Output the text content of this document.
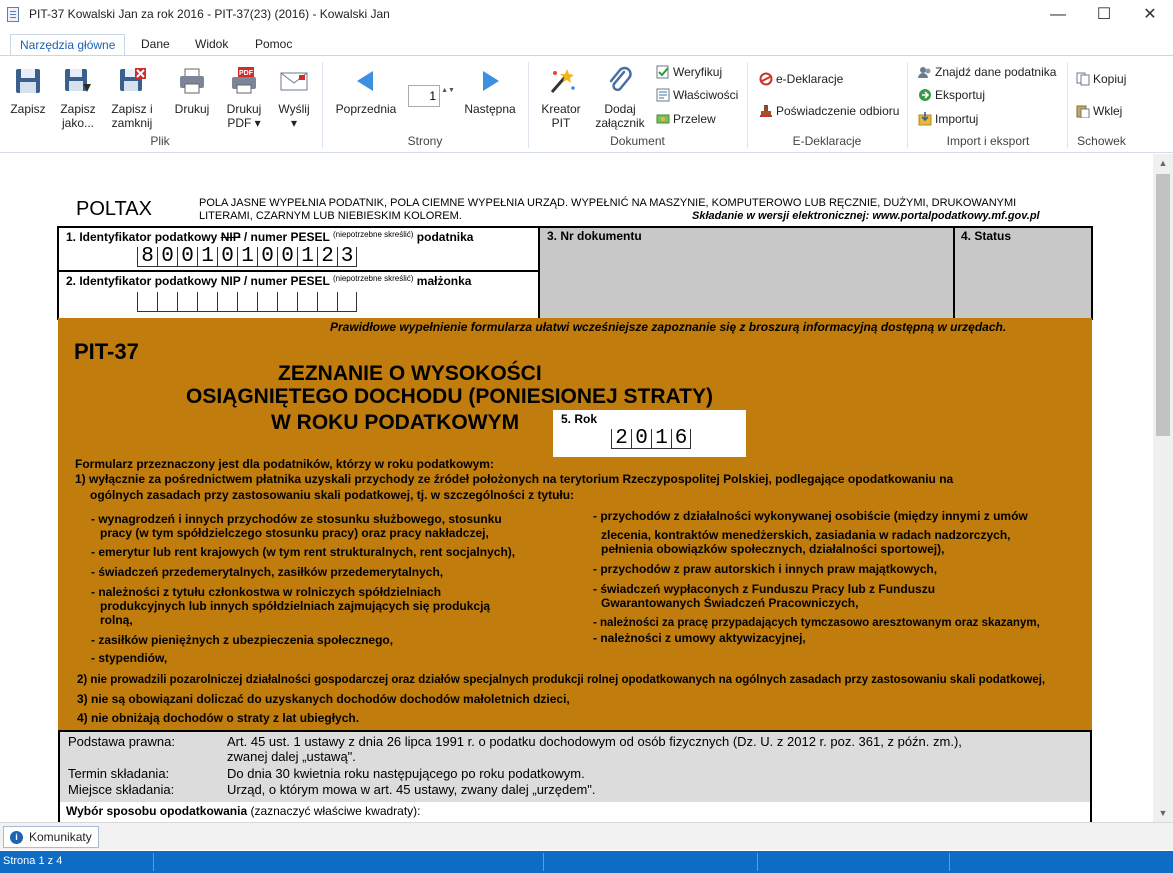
PIT-37 Kowalski Jan za rok 2016 - PIT-37(23) (2016) - Kowalski Jan	—	☐	✕
Narzędzia główne	Dane	Widok	Pomoc
Zapisz	Zapisz
jako...
Zapisz i
zamknij
Drukuj
PDF
Drukuj
PDF ▾
Wyślij
▾
Plik
Poprzednia
1 ▲▼
Następna
Strony
Kreator
PIT
Dodaj
załącznik
Weryfikuj
Właściwości
Przelew
Dokument
e-Deklaracje
Poświadczenie odbioru
E-Deklaracje
Znajdź dane podatnika
Eksportuj
Importuj
Import i eksport
Kopiuj
Wklej
Schowek
POLTAX	POLA JASNE WYPEŁNIA PODATNIK, POLA CIEMNE WYPEŁNIA URZĄD. WYPEŁNIĆ NA MASZYNIE, KOMPUTEROWO LUB RĘCZNIE, DUŻYMI, DRUKOWANYMI
LITERAMI, CZARNYM LUB NIEBIESKIM KOLOREM.	Składanie w wersji elektronicznej: www.portalpodatkowy.mf.gov.pl
1. Identyfikator podatkowy NIP / numer PESEL $^{(niepotrzebne skreślić)}$ podatnika
8 0 0 1 0 1 0 0 1 2 3
2. Identyfikator podatkowy NIP / numer PESEL $^{(niepotrzebne skreślić)}$ małżonka
3. Nr dokumentu	4. Status
Prawidłowe wypełnienie formularza ułatwi wcześniejsze zapoznanie się z broszurą informacyjną dostępną w urzędach.
PIT-37
ZEZNANIE O WYSOKOŚCI
OSIĄGNIĘTEGO DOCHODU (PONIESIONEJ STRATY)
W ROKU PODATKOWYM	5. Rok
2 0 1 6
Formularz przeznaczony jest dla podatników, którzy w roku podatkowym:
1) wyłącznie za pośrednictwem płatnika uzyskali przychody ze źródeł położonych na terytorium Rzeczypospolitej Polskiej, podlegające opodatkowaniu na
ogólnych zasadach przy zastosowaniu skali podatkowej, tj. w szczególności z tytułu:
- wynagrodzeń i innych przychodów ze stosunku służbowego, stosunku
pracy (w tym spółdzielczego stosunku pracy) oraz pracy nakładczej,
- emerytur lub rent krajowych (w tym rent strukturalnych, rent socjalnych),
- świadczeń przedemerytalnych, zasiłków przedemerytalnych,
- należności z tytułu członkostwa w rolniczych spółdzielniach
produkcyjnych lub innych spółdzielniach zajmujących się produkcją
rolną,
- zasiłków pieniężnych z ubezpieczenia społecznego,
- stypendiów,
- przychodów z działalności wykonywanej osobiście (między innymi z umów
zlecenia, kontraktów menedżerskich, zasiadania w radach nadzorczych,
pełnienia obowiązków społecznych, działalności sportowej),
- przychodów z praw autorskich i innych praw majątkowych,
- świadczeń wypłaconych z Funduszu Pracy lub z Funduszu
Gwarantowanych Świadczeń Pracowniczych,
- należności za pracę przypadających tymczasowo aresztowanym oraz skazanym,
- należności z umowy aktywizacyjnej,
2) nie prowadzili pozarolniczej działalności gospodarczej oraz działów specjalnych produkcji rolnej opodatkowanych na ogólnych zasadach przy zastosowaniu skali podatkowej,
3) nie są obowiązani doliczać do uzyskanych dochodów dochodów małoletnich dzieci,
4) nie obniżają dochodów o straty z lat ubiegłych.
Podstawa prawna:	Art. 45 ust. 1 ustawy z dnia 26 lipca 1991 r. o podatku dochodowym od osób fizycznych (Dz. U. z 2012 r. poz. 361, z późn. zm.),
zwanej dalej „ustawą".
Termin składania:	Do dnia 30 kwietnia roku następującego po roku podatkowym.
Miejsce składania:	Urząd, o którym mowa w art. 45 ustawy, zwany dalej „urzędem".
Wybór sposobu opodatkowania (zaznaczyć właściwe kwadraty):
▲
▼
i Komunikaty
Strona 1 z 4
